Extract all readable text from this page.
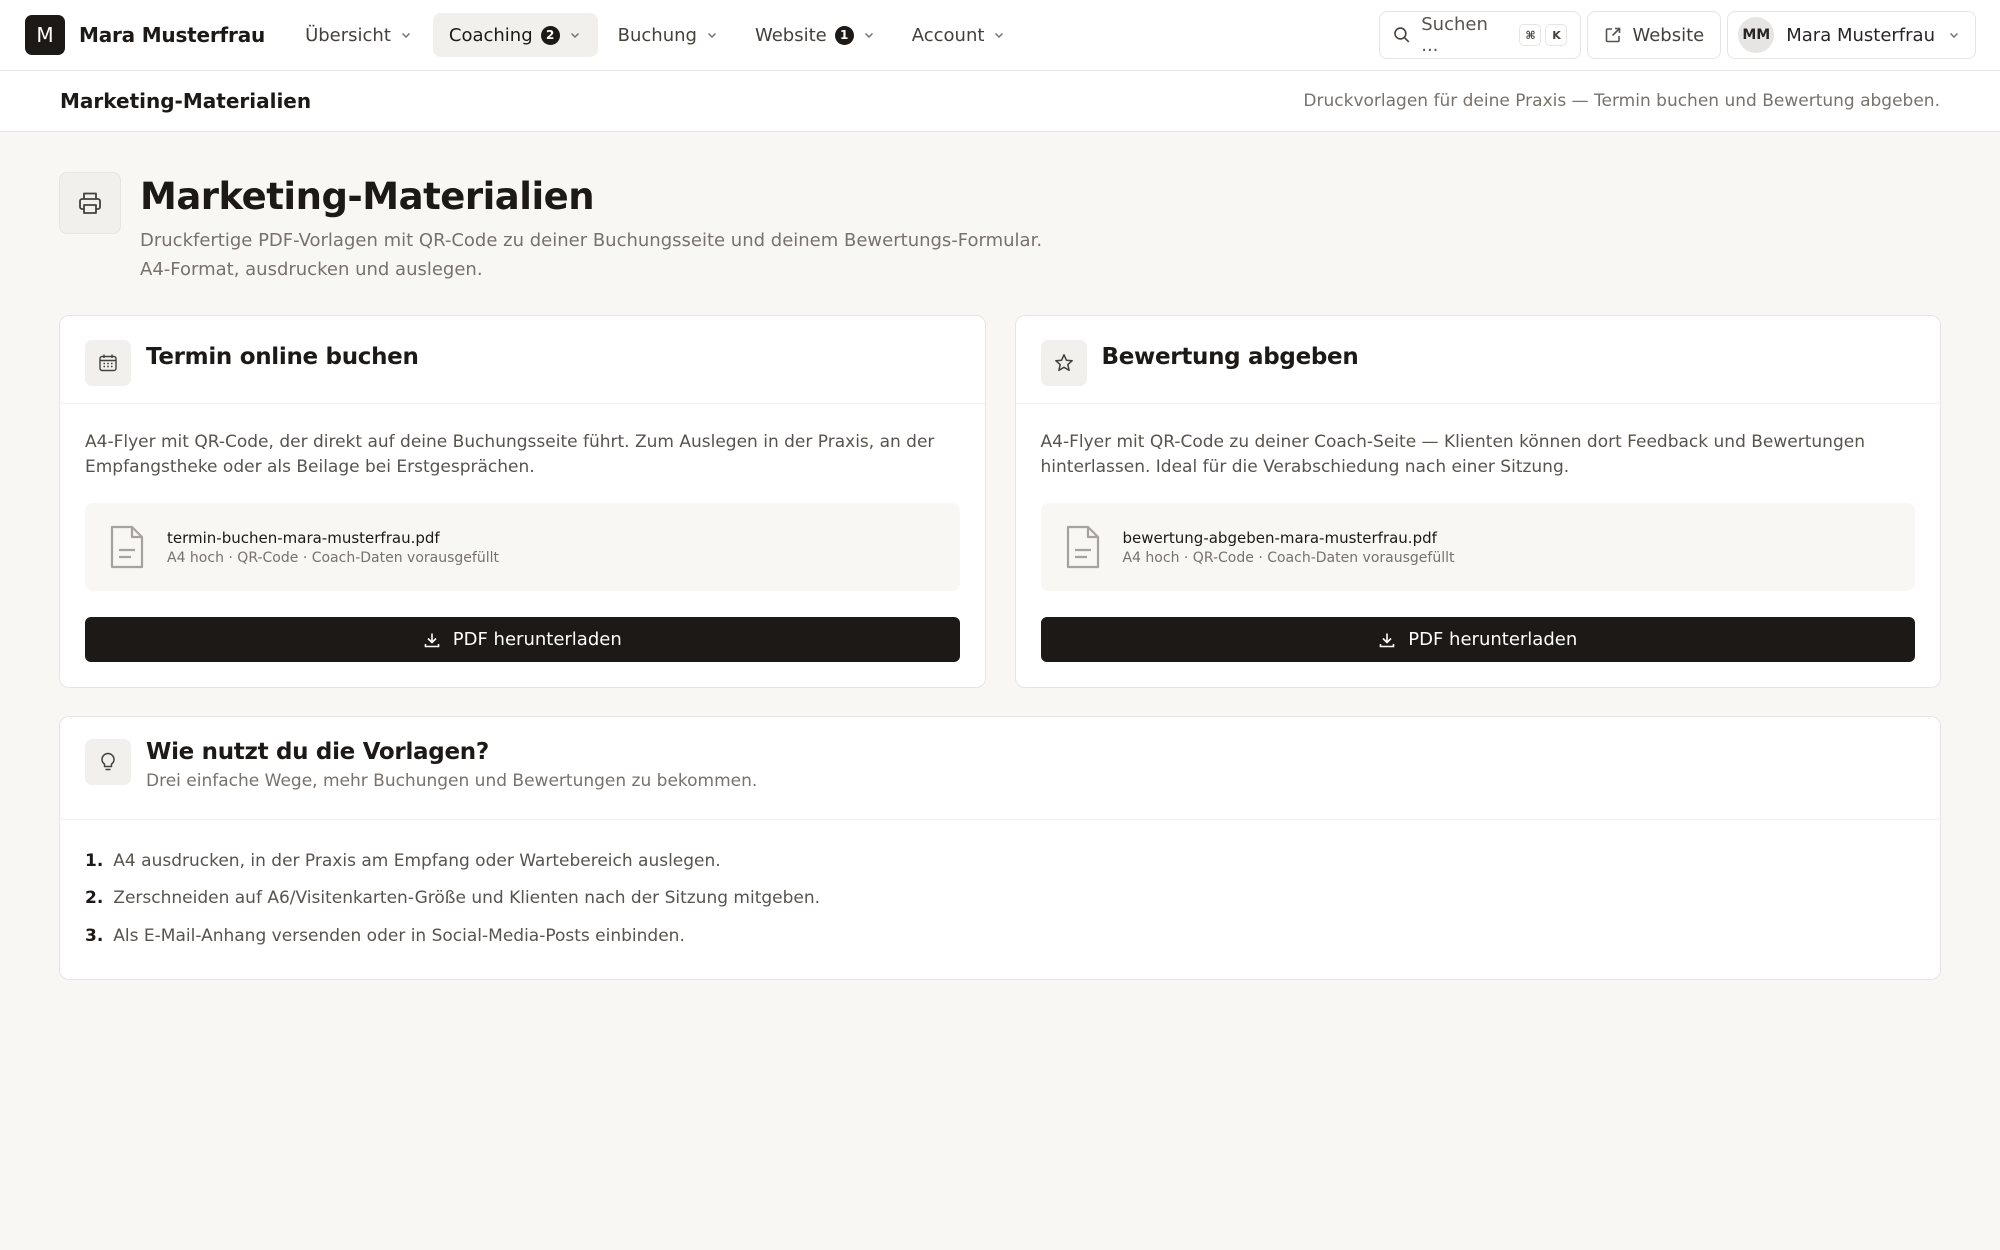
M	Mara Musterfrau Übersicht	Coaching	2	Buchung	Website	1	Account	Suchen ...	⌘	K	Website	MM Mara Musterfrau
Marketing-Materialien	Druckvorlagen für deine Praxis — Termin buchen und Bewertung abgeben.
Marketing-Materialien
Druckfertige PDF-Vorlagen mit QR-Code zu deiner Buchungsseite und deinem Bewertungs-Formular.
A4-Format, ausdrucken und auslegen.
Termin online buchen

A4-Flyer mit QR-Code, der direkt auf deine Buchungsseite führt. Zum Auslegen in der Praxis, an der Empfangstheke oder als Beilage bei Erstgesprächen.

termin-buchen-mara-musterfrau.pdf
A4 hoch · QR-Code · Coach-Daten vorausgefüllt
PDF herunterladen
Bewertung abgeben

A4-Flyer mit QR-Code zu deiner Coach-Seite — Klienten können dort Feedback und Bewertungen hinterlassen. Ideal für die Verabschiedung nach einer Sitzung.

bewertung-abgeben-mara-musterfrau.pdf
A4 hoch · QR-Code · Coach-Daten vorausgefüllt
PDF herunterladen
Wie nutzt du die Vorlagen?

Drei einfache Wege, mehr Buchungen und Bewertungen zu bekommen.

1. A4 ausdrucken, in der Praxis am Empfang oder Wartebereich auslegen.
2. Zerschneiden auf A6/Visitenkarten-Größe und Klienten nach der Sitzung mitgeben.
3. Als E-Mail-Anhang versenden oder in Social-Media-Posts einbinden.
